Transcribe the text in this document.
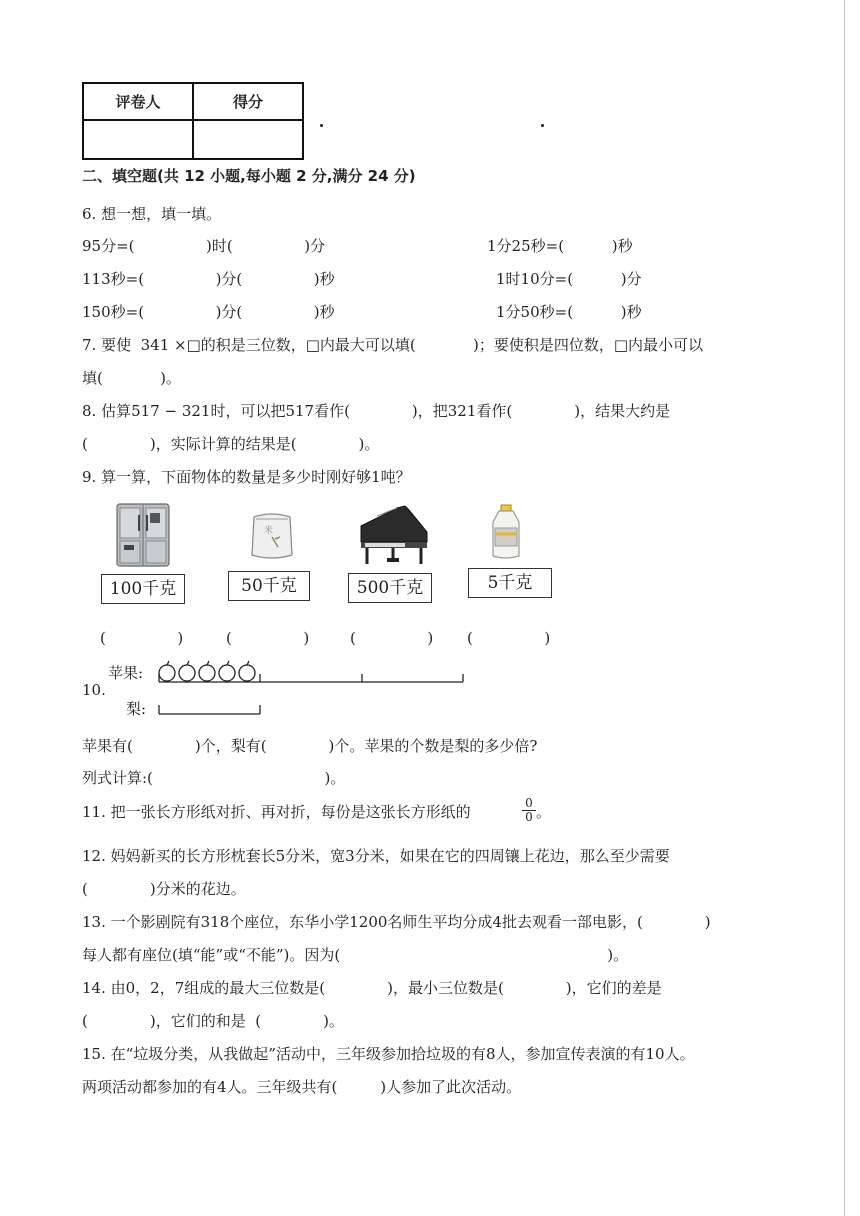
评卷人	得分

二、填空题(共 12 小题,每小题 2 分,满分 24 分)
6. 想一想，填一填。
95分=(               )时(               )分	1分25秒=(          )秒
113秒=(               )分(               )秒	1时10分=(          )分
150秒=(               )分(               )秒	1分50秒=(          )秒
7. 要使  341 ×□的积是三位数，□内最大可以填(            )；要使积是四位数，□内最小可以
填(            )。
8. 估算517 − 321时，可以把517看作(             )，把321看作(             )，结果大约是
(             )，实际计算的结果是(             )。
9. 算一算，下面物体的数量是多少时刚好够1吨？
100千克
米
50千克	500千克	5千克
(               )	(               )	(               ) (               )
苹果:
10.
梨:
苹果有(             )个，梨有(             )个。苹果的个数是梨的多少倍?
列式计算:(                                    )。
11. 把一张长方形纸对折、再对折，每份是这张长方形纸的	$\frac{0}{0}$ 。
12. 妈妈新买的长方形枕套长5分米，宽3分米，如果在它的四周镶上花边，那么至少需要
(             )分米的花边。
13. 一个影剧院有318个座位，东华小学1200名师生平均分成4批去观看一部电影，(             )
每人都有座位(填“能”或“不能”)。因为(                                                        )。
14. 由0，2，7组成的最大三位数是(             )，最小三位数是(             )，它们的差是
(             )，它们的和是  (             )。
15. 在“垃圾分类，从我做起”活动中，三年级参加拾垃圾的有8人，参加宣传表演的有10人。
两项活动都参加的有4人。三年级共有(         )人参加了此次活动。
